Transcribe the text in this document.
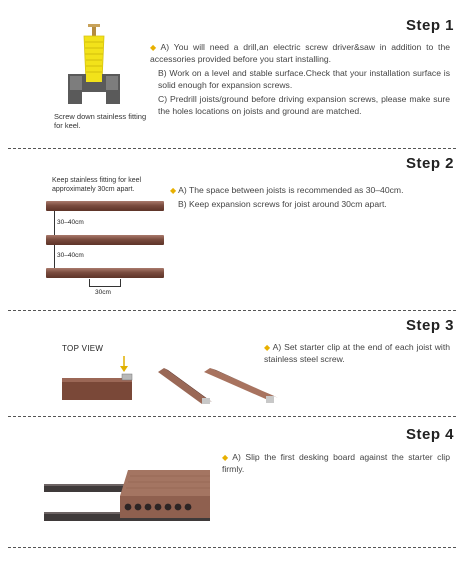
Step 1
Screw down stainless fitting for keel.

◆ A) You will need a drill,an electric screw driver&saw in addition to the accessories provided before you start installing.

B) Work on a level and stable surface.Check that your installation surface is solid enough for expansion screws.

C) Predrill joists/ground before driving expansion screws, please make sure the holes locations on joists and ground are matched.

Step 2
Keep stainless fitting for keel approximately 30cm apart.
30–40cm
30–40cm
30cm

◆ A) The space between joists is recommended as 30–40cm.

B) Keep expansion screws for joist around 30cm apart.

Step 3
TOP VIEW	◆ A) Set starter clip at the end of each joist with stainless steel screw.

Step 4

◆ A) Slip the first desking board against the starter clip firmly.
